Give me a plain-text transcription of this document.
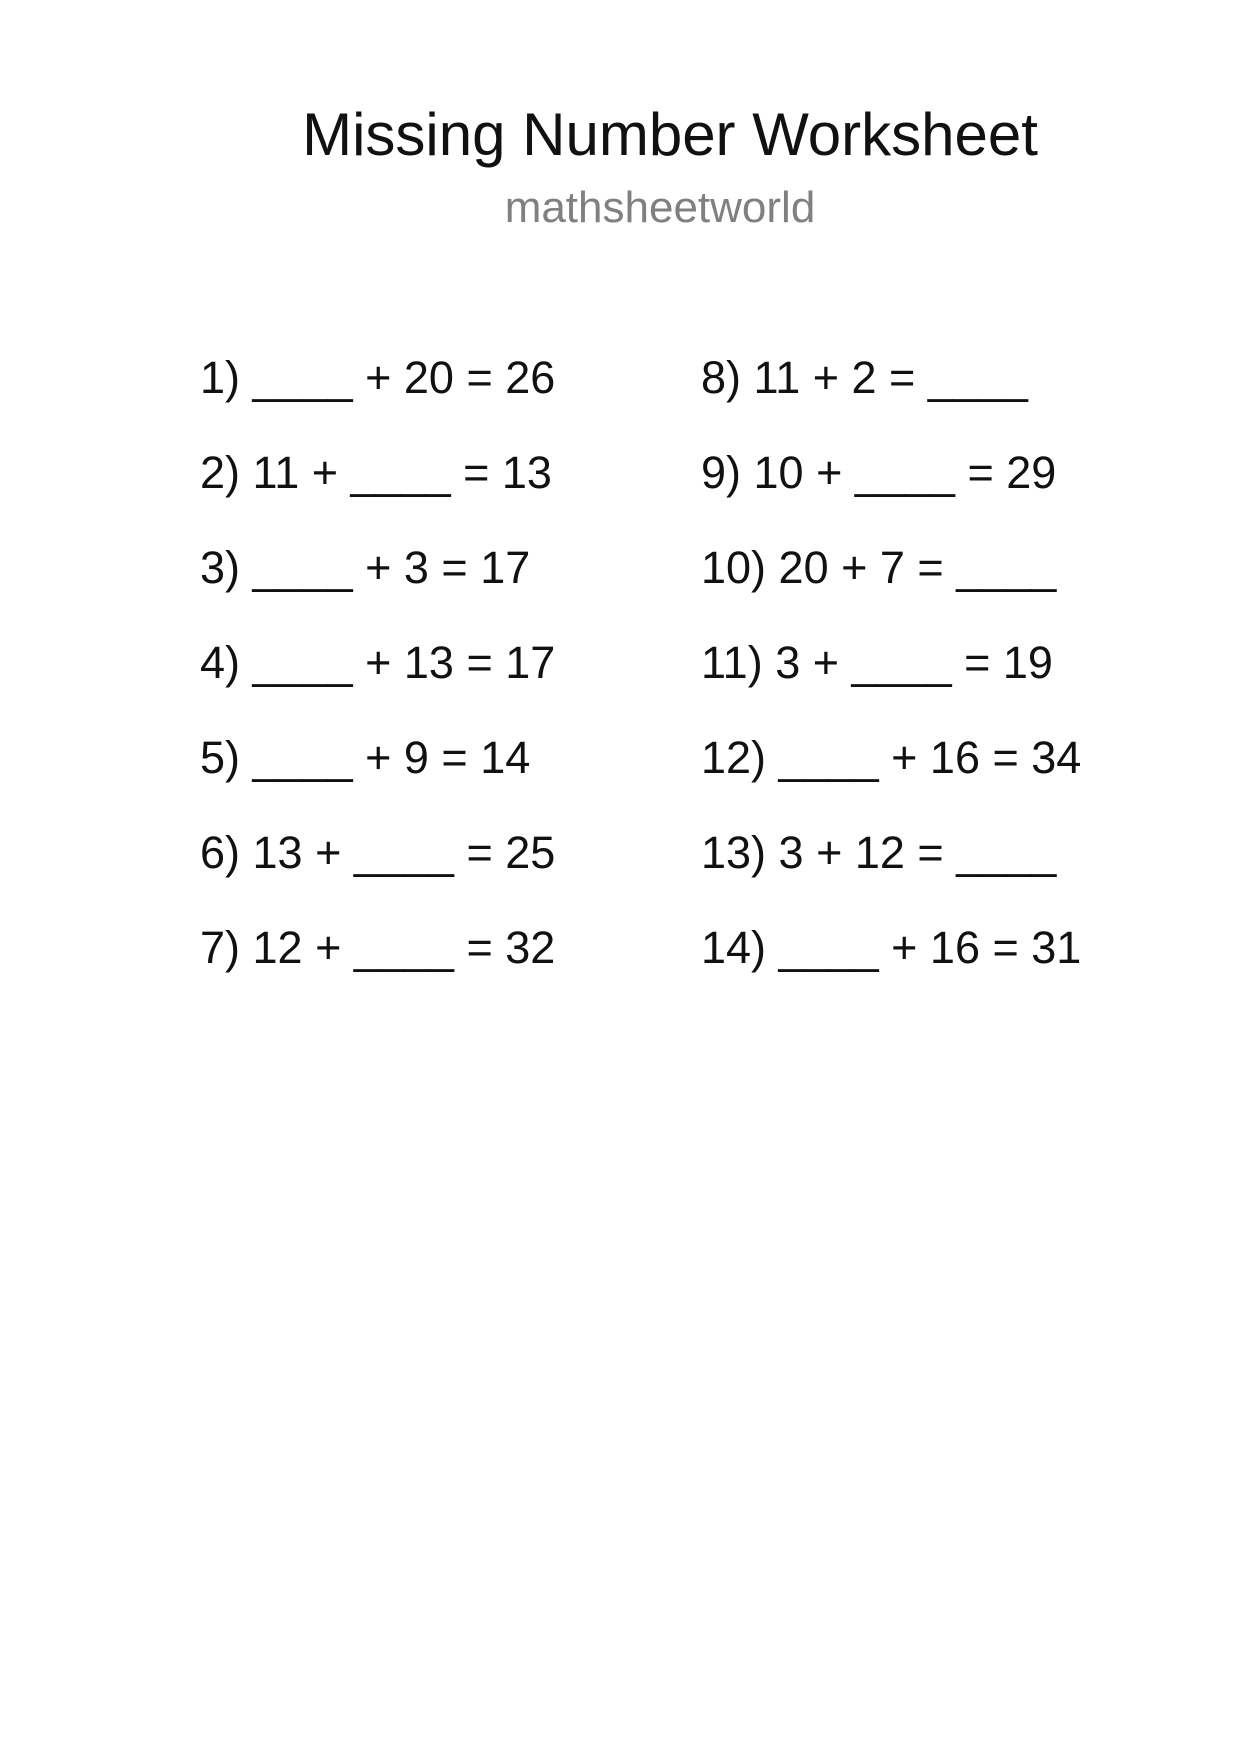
Missing Number Worksheet
mathsheetworld
1) ____ + 20 = 26
2) 11 + ____ = 13
3) ____ + 3 = 17
4) ____ + 13 = 17
5) ____ + 9 = 14
6) 13 + ____ = 25
7) 12 + ____ = 32
8) 11 + 2 = ____
9) 10 + ____ = 29
10) 20 + 7 = ____
11) 3 + ____ = 19
12) ____ + 16 = 34
13) 3 + 12 = ____
14) ____ + 16 = 31
